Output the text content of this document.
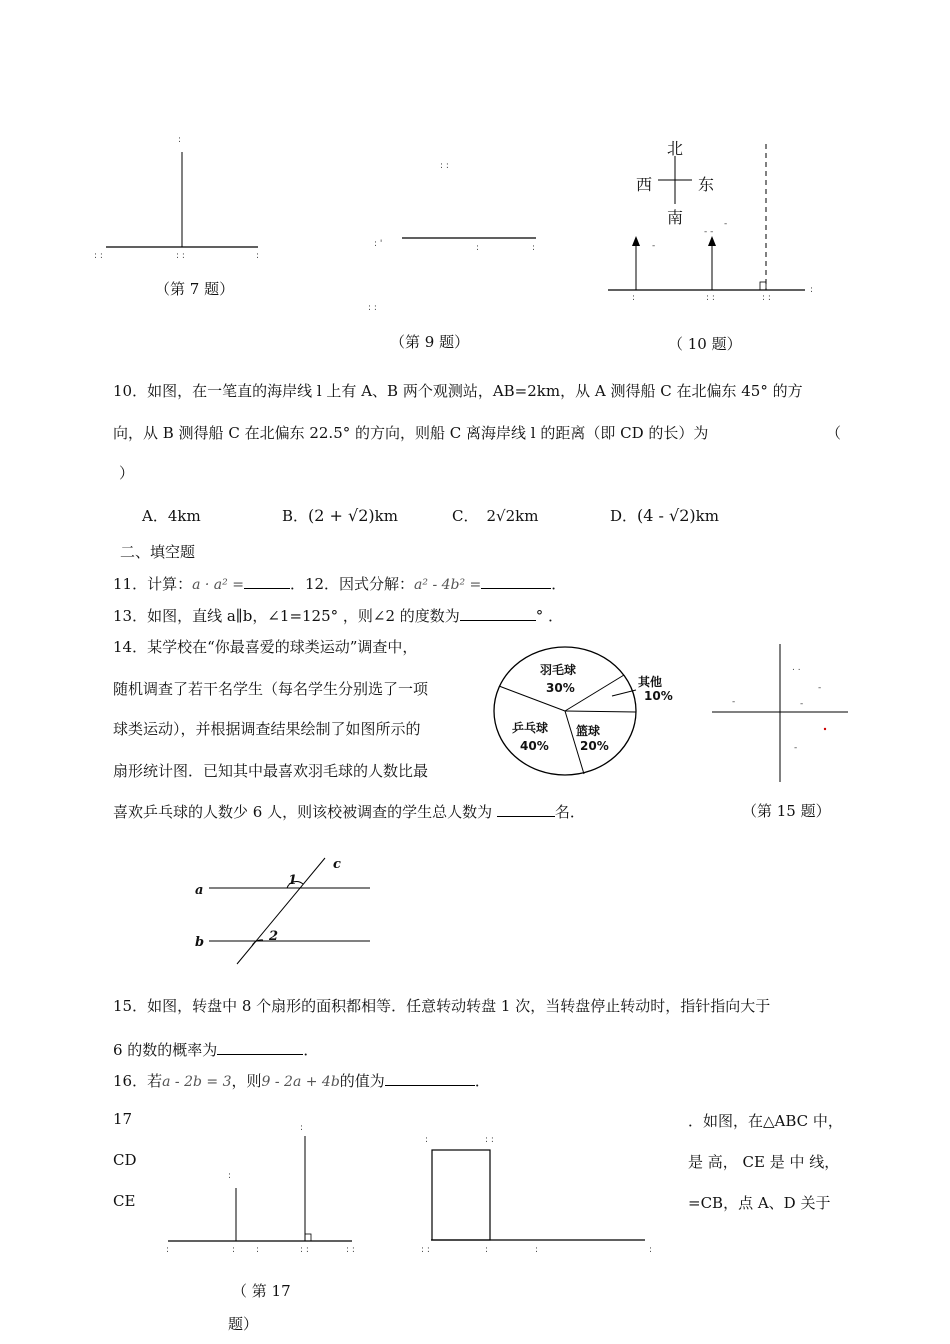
:
: :	: :	:
（第 7 题）
: :
: '	:	:
: :
（第 9 题）
-
- -
-
:	: :	: :
:
北
西	东
南
（ 10 题）
10．如图，在一笔直的海岸线 l 上有 A、B 两个观测站，AB=2km，从 A 测得船 C 在北偏东 45° 的方
向，从 B 测得船 C 在北偏东 22.5° 的方向，则船 C 离海岸线 l 的距离（即 CD 的长）为	（
）
A．4km	B．(2 + √2)km	C． 2√2km	D．(4 - √2)km
二、填空题
11．计算：a · a² =	．12．因式分解：a² - 4b² =	．
13．如图，直线 a∥b，∠1=125° ，则∠2 的度数为	° ．
14．某学校在“你最喜爱的球类运动”调查中，
随机调查了若干名学生（每名学生分别选了一项
球类运动），并根据调查结果绘制了如图所示的
扇形统计图．已知其中最喜欢羽毛球的人数比最
喜欢乒乓球的人数少 6 人，则该校被调查的学生总人数为	名．
羽毛球
30%	其他
10%
篮球
20%
乒乓球
40%
. .
-
-
-
-
（第 15 题）
a
b
c
1
2
15．如图，转盘中 8 个扇形的面积都相等．任意转动转盘 1 次，当转盘停止转动时，指针指向大于
6 的数的概率为	．
16．若a - 2b = 3，则9 - 2a + 4b的值为	．
17
CD
CE
．如图，在△ABC 中，
是 高， CE 是 中 线，
=CB，点 A、D 关于
:
:
:	: :	: :	: :
:	: :
: :	:	:	:
（ 第 17
题）
